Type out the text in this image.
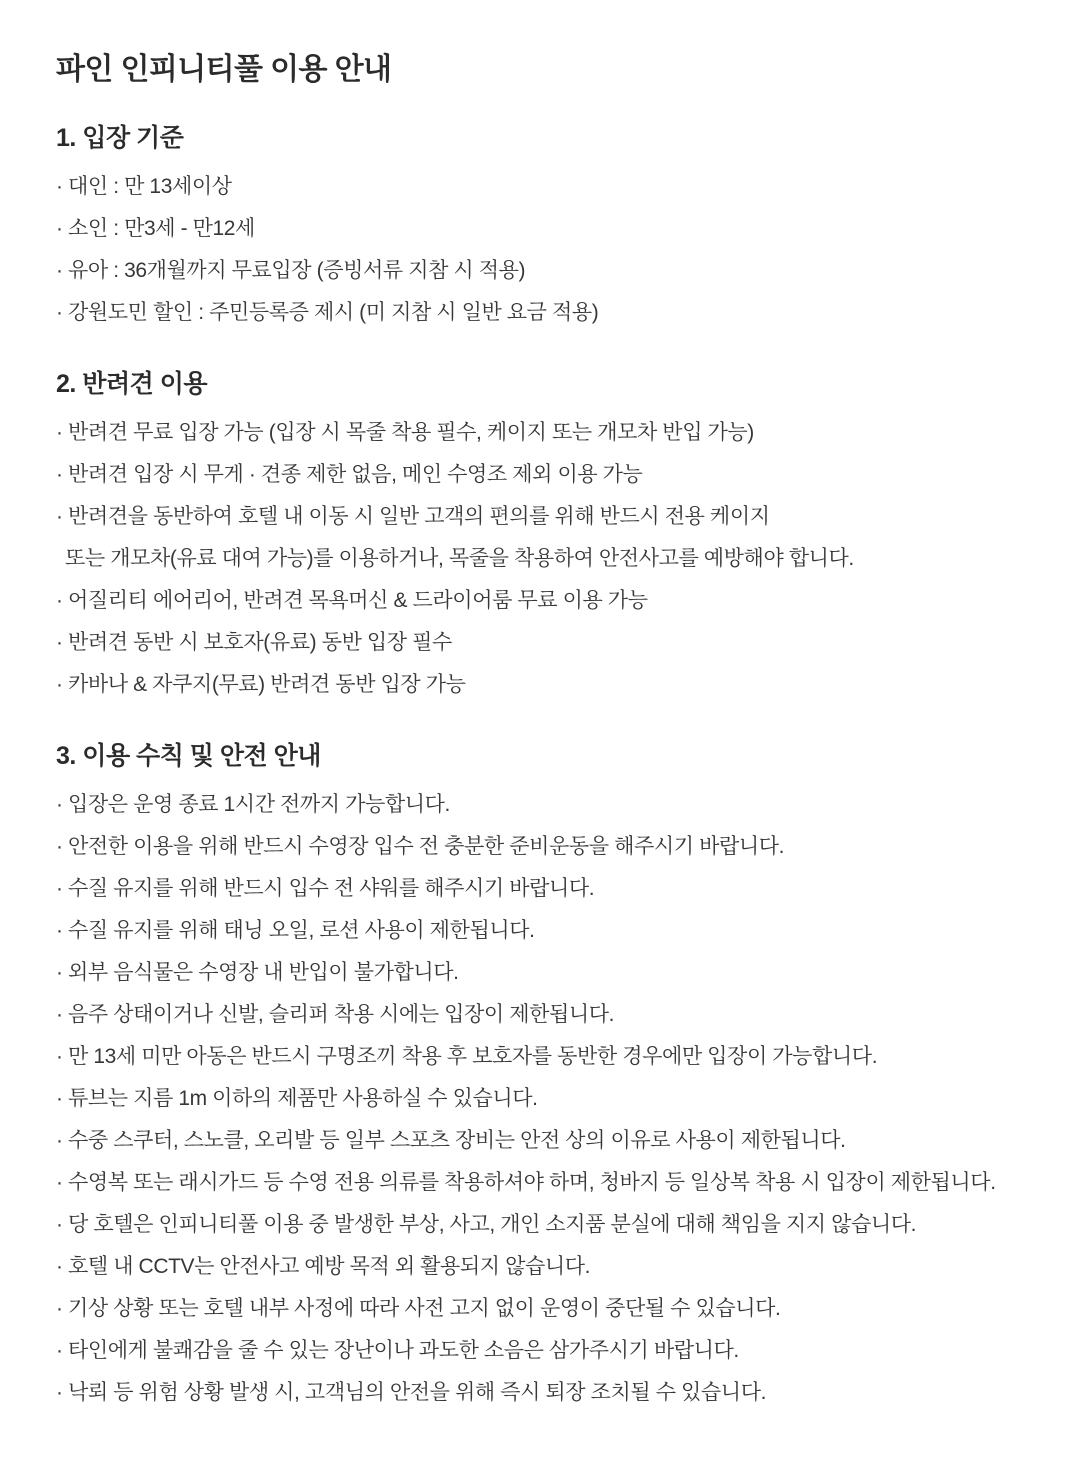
파인 인피니티풀 이용 안내
1. 입장 기준
· 대인 : 만 13세이상
· 소인 : 만3세 - 만12세
· 유아 : 36개월까지 무료입장 (증빙서류 지참 시 적용)
· 강원도민 할인 : 주민등록증 제시 (미 지참 시 일반 요금 적용)
2. 반려견 이용
· 반려견 무료 입장 가능 (입장 시 목줄 착용 필수, 케이지 또는 개모차 반입 가능)
· 반려견 입장 시 무게 · 견종 제한 없음, 메인 수영조 제외 이용 가능
· 반려견을 동반하여 호텔 내 이동 시 일반 고객의 편의를 위해 반드시 전용 케이지
또는 개모차(유료 대여 가능)를 이용하거나, 목줄을 착용하여 안전사고를 예방해야 합니다.
· 어질리티 에어리어, 반려견 목욕머신 & 드라이어룸 무료 이용 가능
· 반려견 동반 시 보호자(유료) 동반 입장 필수
· 카바나 & 자쿠지(무료) 반려견 동반 입장 가능
3. 이용 수칙 및 안전 안내
· 입장은 운영 종료 1시간 전까지 가능합니다.
· 안전한 이용을 위해 반드시 수영장 입수 전 충분한 준비운동을 해주시기 바랍니다.
· 수질 유지를 위해 반드시 입수 전 샤워를 해주시기 바랍니다.
· 수질 유지를 위해 태닝 오일, 로션 사용이 제한됩니다.
· 외부 음식물은 수영장 내 반입이 불가합니다.
· 음주 상태이거나 신발, 슬리퍼 착용 시에는 입장이 제한됩니다.
· 만 13세 미만 아동은 반드시 구명조끼 착용 후 보호자를 동반한 경우에만 입장이 가능합니다.
· 튜브는 지름 1m 이하의 제품만 사용하실 수 있습니다.
· 수중 스쿠터, 스노클, 오리발 등 일부 스포츠 장비는 안전 상의 이유로 사용이 제한됩니다.
· 수영복 또는 래시가드 등 수영 전용 의류를 착용하셔야 하며, 청바지 등 일상복 착용 시 입장이 제한됩니다.
· 당 호텔은 인피니티풀 이용 중 발생한 부상, 사고, 개인 소지품 분실에 대해 책임을 지지 않습니다.
· 호텔 내 CCTV는 안전사고 예방 목적 외 활용되지 않습니다.
· 기상 상황 또는 호텔 내부 사정에 따라 사전 고지 없이 운영이 중단될 수 있습니다.
· 타인에게 불쾌감을 줄 수 있는 장난이나 과도한 소음은 삼가주시기 바랍니다.
· 낙뢰 등 위험 상황 발생 시, 고객님의 안전을 위해 즉시 퇴장 조치될 수 있습니다.
